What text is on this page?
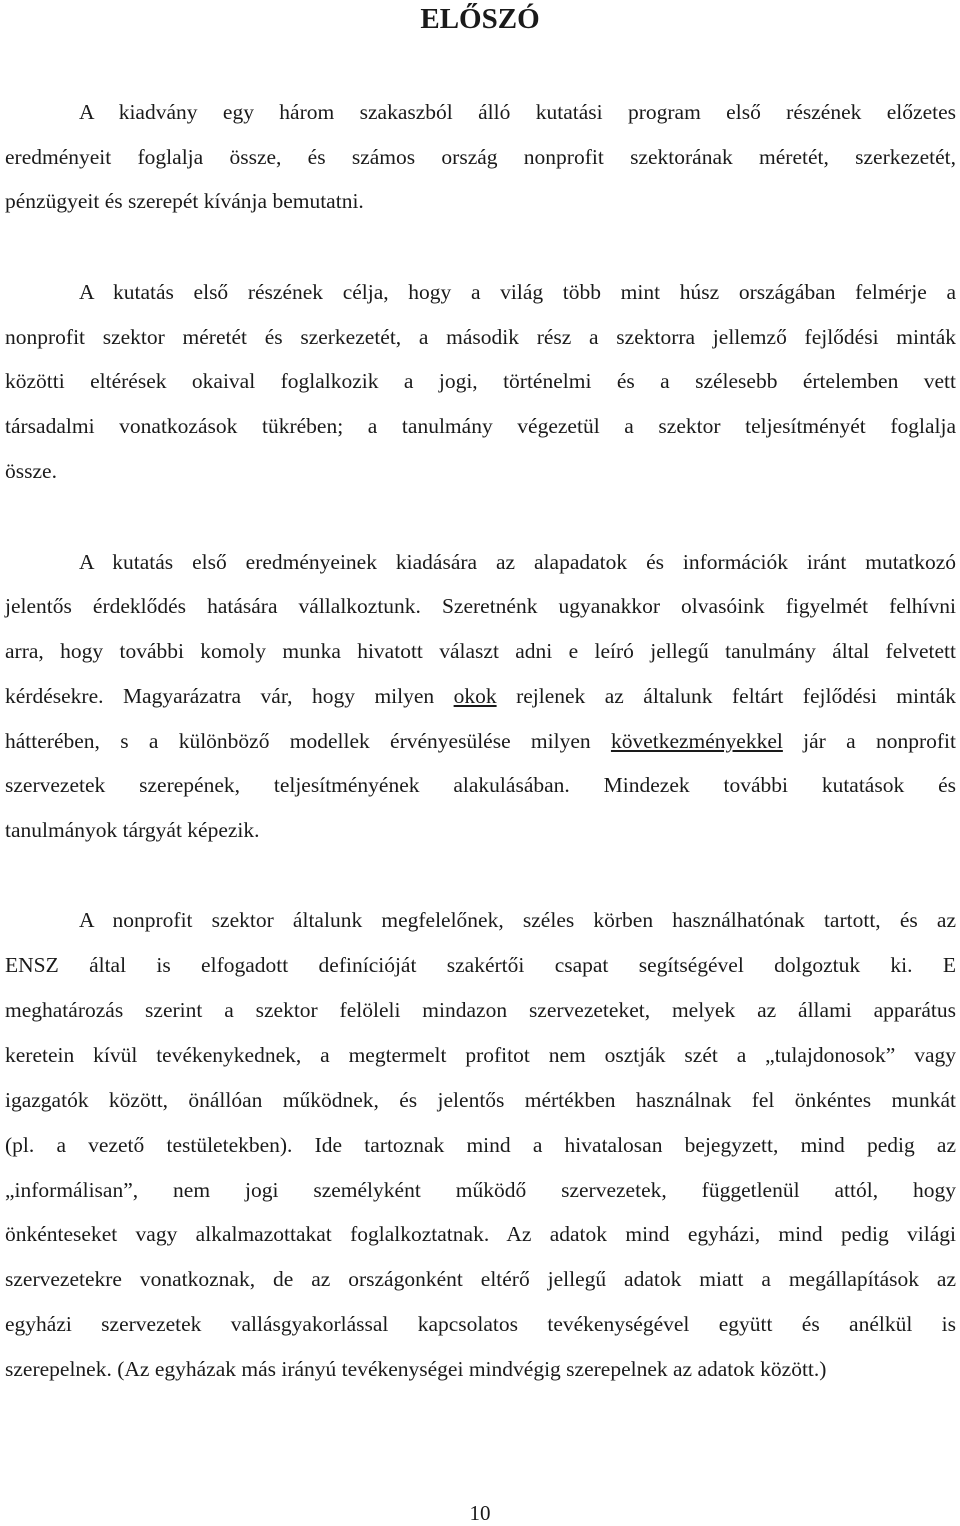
ELŐSZÓ
A kiadvány egy három szakaszból álló kutatási program első részének előzetes
eredményeit foglalja össze, és számos ország nonprofit szektorának méretét, szerkezetét,
pénzügyeit és szerepét kívánja bemutatni.
A kutatás első részének célja, hogy a világ több mint húsz országában felmérje a
nonprofit szektor méretét és szerkezetét, a második rész a szektorra jellemző fejlődési minták
közötti eltérések okaival foglalkozik a jogi, történelmi és a szélesebb értelemben vett
társadalmi vonatkozások tükrében; a tanulmány végezetül a szektor teljesítményét foglalja
össze.
A kutatás első eredményeinek kiadására az alapadatok és információk iránt mutatkozó
jelentős érdeklődés hatására vállalkoztunk. Szeretnénk ugyanakkor olvasóink figyelmét felhívni
arra, hogy további komoly munka hivatott választ adni e leíró jellegű tanulmány által felvetett
kérdésekre. Magyarázatra vár, hogy milyen okok rejlenek az általunk feltárt fejlődési minták
hátterében, s a különböző modellek érvényesülése milyen következményekkel jár a nonprofit
szervezetek szerepének, teljesítményének alakulásában. Mindezek további kutatások és
tanulmányok tárgyát képezik.
A nonprofit szektor általunk megfelelőnek, széles körben használhatónak tartott, és az
ENSZ által is elfogadott definícióját szakértői csapat segítségével dolgoztuk ki. E
meghatározás szerint a szektor felöleli mindazon szervezeteket, melyek az állami apparátus
keretein kívül tevékenykednek, a megtermelt profitot nem osztják szét a „tulajdonosok” vagy
igazgatók között, önállóan működnek, és jelentős mértékben használnak fel önkéntes munkát
(pl. a vezető testületekben). Ide tartoznak mind a hivatalosan bejegyzett, mind pedig az
„informálisan”, nem jogi személyként működő szervezetek, függetlenül attól, hogy
önkénteseket vagy alkalmazottakat foglalkoztatnak. Az adatok mind egyházi, mind pedig világi
szervezetekre vonatkoznak, de az országonként eltérő jellegű adatok miatt a megállapítások az
egyházi szervezetek vallásgyakorlással kapcsolatos tevékenységével együtt és anélkül is
szerepelnek. (Az egyházak más irányú tevékenységei mindvégig szerepelnek az adatok között.)
10
